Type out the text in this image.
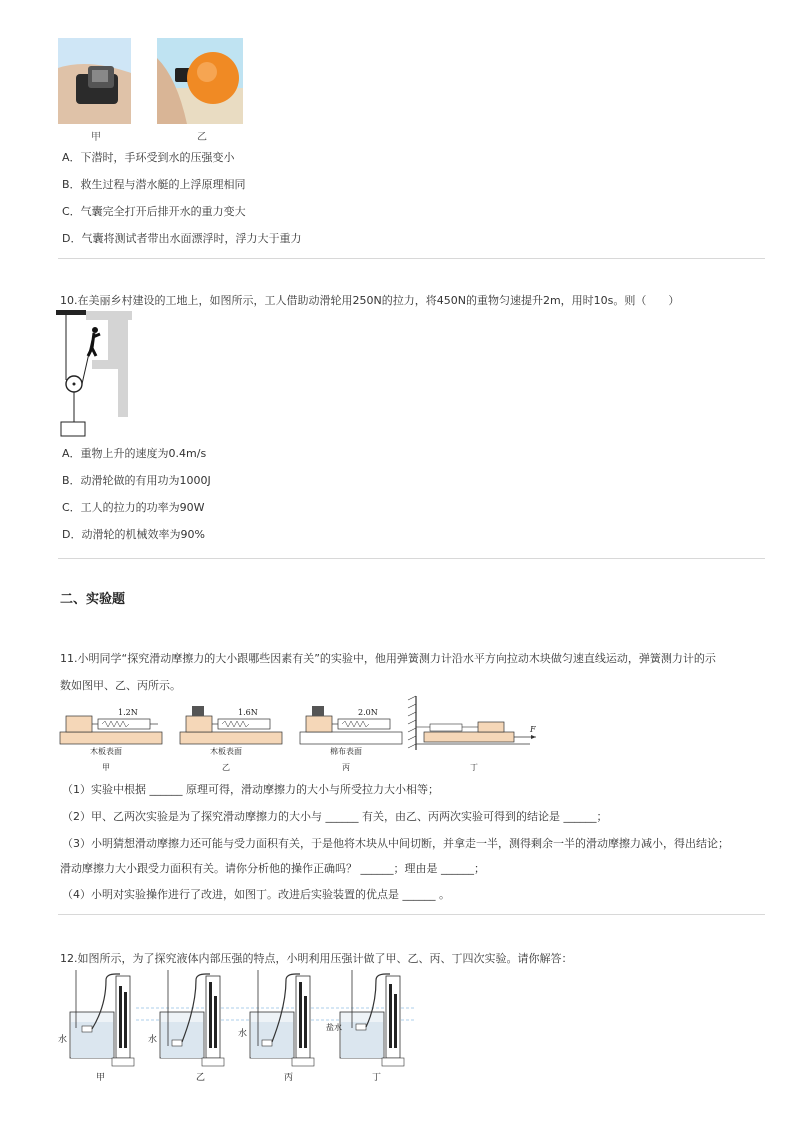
甲	乙
A．下潜时，手环受到水的压强变小
B．救生过程与潜水艇的上浮原理相同
C．气囊完全打开后排开水的重力变大
D．气囊将测试者带出水面漂浮时，浮力大于重力
10.在美丽乡村建设的工地上，如图所示，工人借助动滑轮用250N的拉力，将450N的重物匀速提升2m，用时10s。则（　　）
A．重物上升的速度为0.4m/s
B．动滑轮做的有用功为1000J
C．工人的拉力的功率为90W
D．动滑轮的机械效率为90%
二、实验题
11.小明同学“探究滑动摩擦力的大小跟哪些因素有关”的实验中，他用弹簧测力计沿水平方向拉动木块做匀速直线运动，弹簧测力计的示
数如图甲、乙、丙所示。
1.2N
木板表面
甲
1.6N
木板表面
乙
2.0N
棉布表面
丙
F
丁
（1）实验中根据 ______ 原理可得，滑动摩擦力的大小与所受拉力大小相等；
（2）甲、乙两次实验是为了探究滑动摩擦力的大小与 ______ 有关，由乙、丙两次实验可得到的结论是 ______；
（3）小明猜想滑动摩擦力还可能与受力面积有关，于是他将木块从中间切断，并拿走一半，测得剩余一半的滑动摩擦力减小，得出结论；
滑动摩擦力大小跟受力面积有关。请你分析他的操作正确吗？ ______；理由是 ______；
（4）小明对实验操作进行了改进，如图丁。改进后实验装置的优点是 ______ 。
12.如图所示，为了探究液体内部压强的特点，小明利用压强计做了甲、乙、丙、丁四次实验。请你解答：
水
甲
水
乙
水
丙
盐水
丁
